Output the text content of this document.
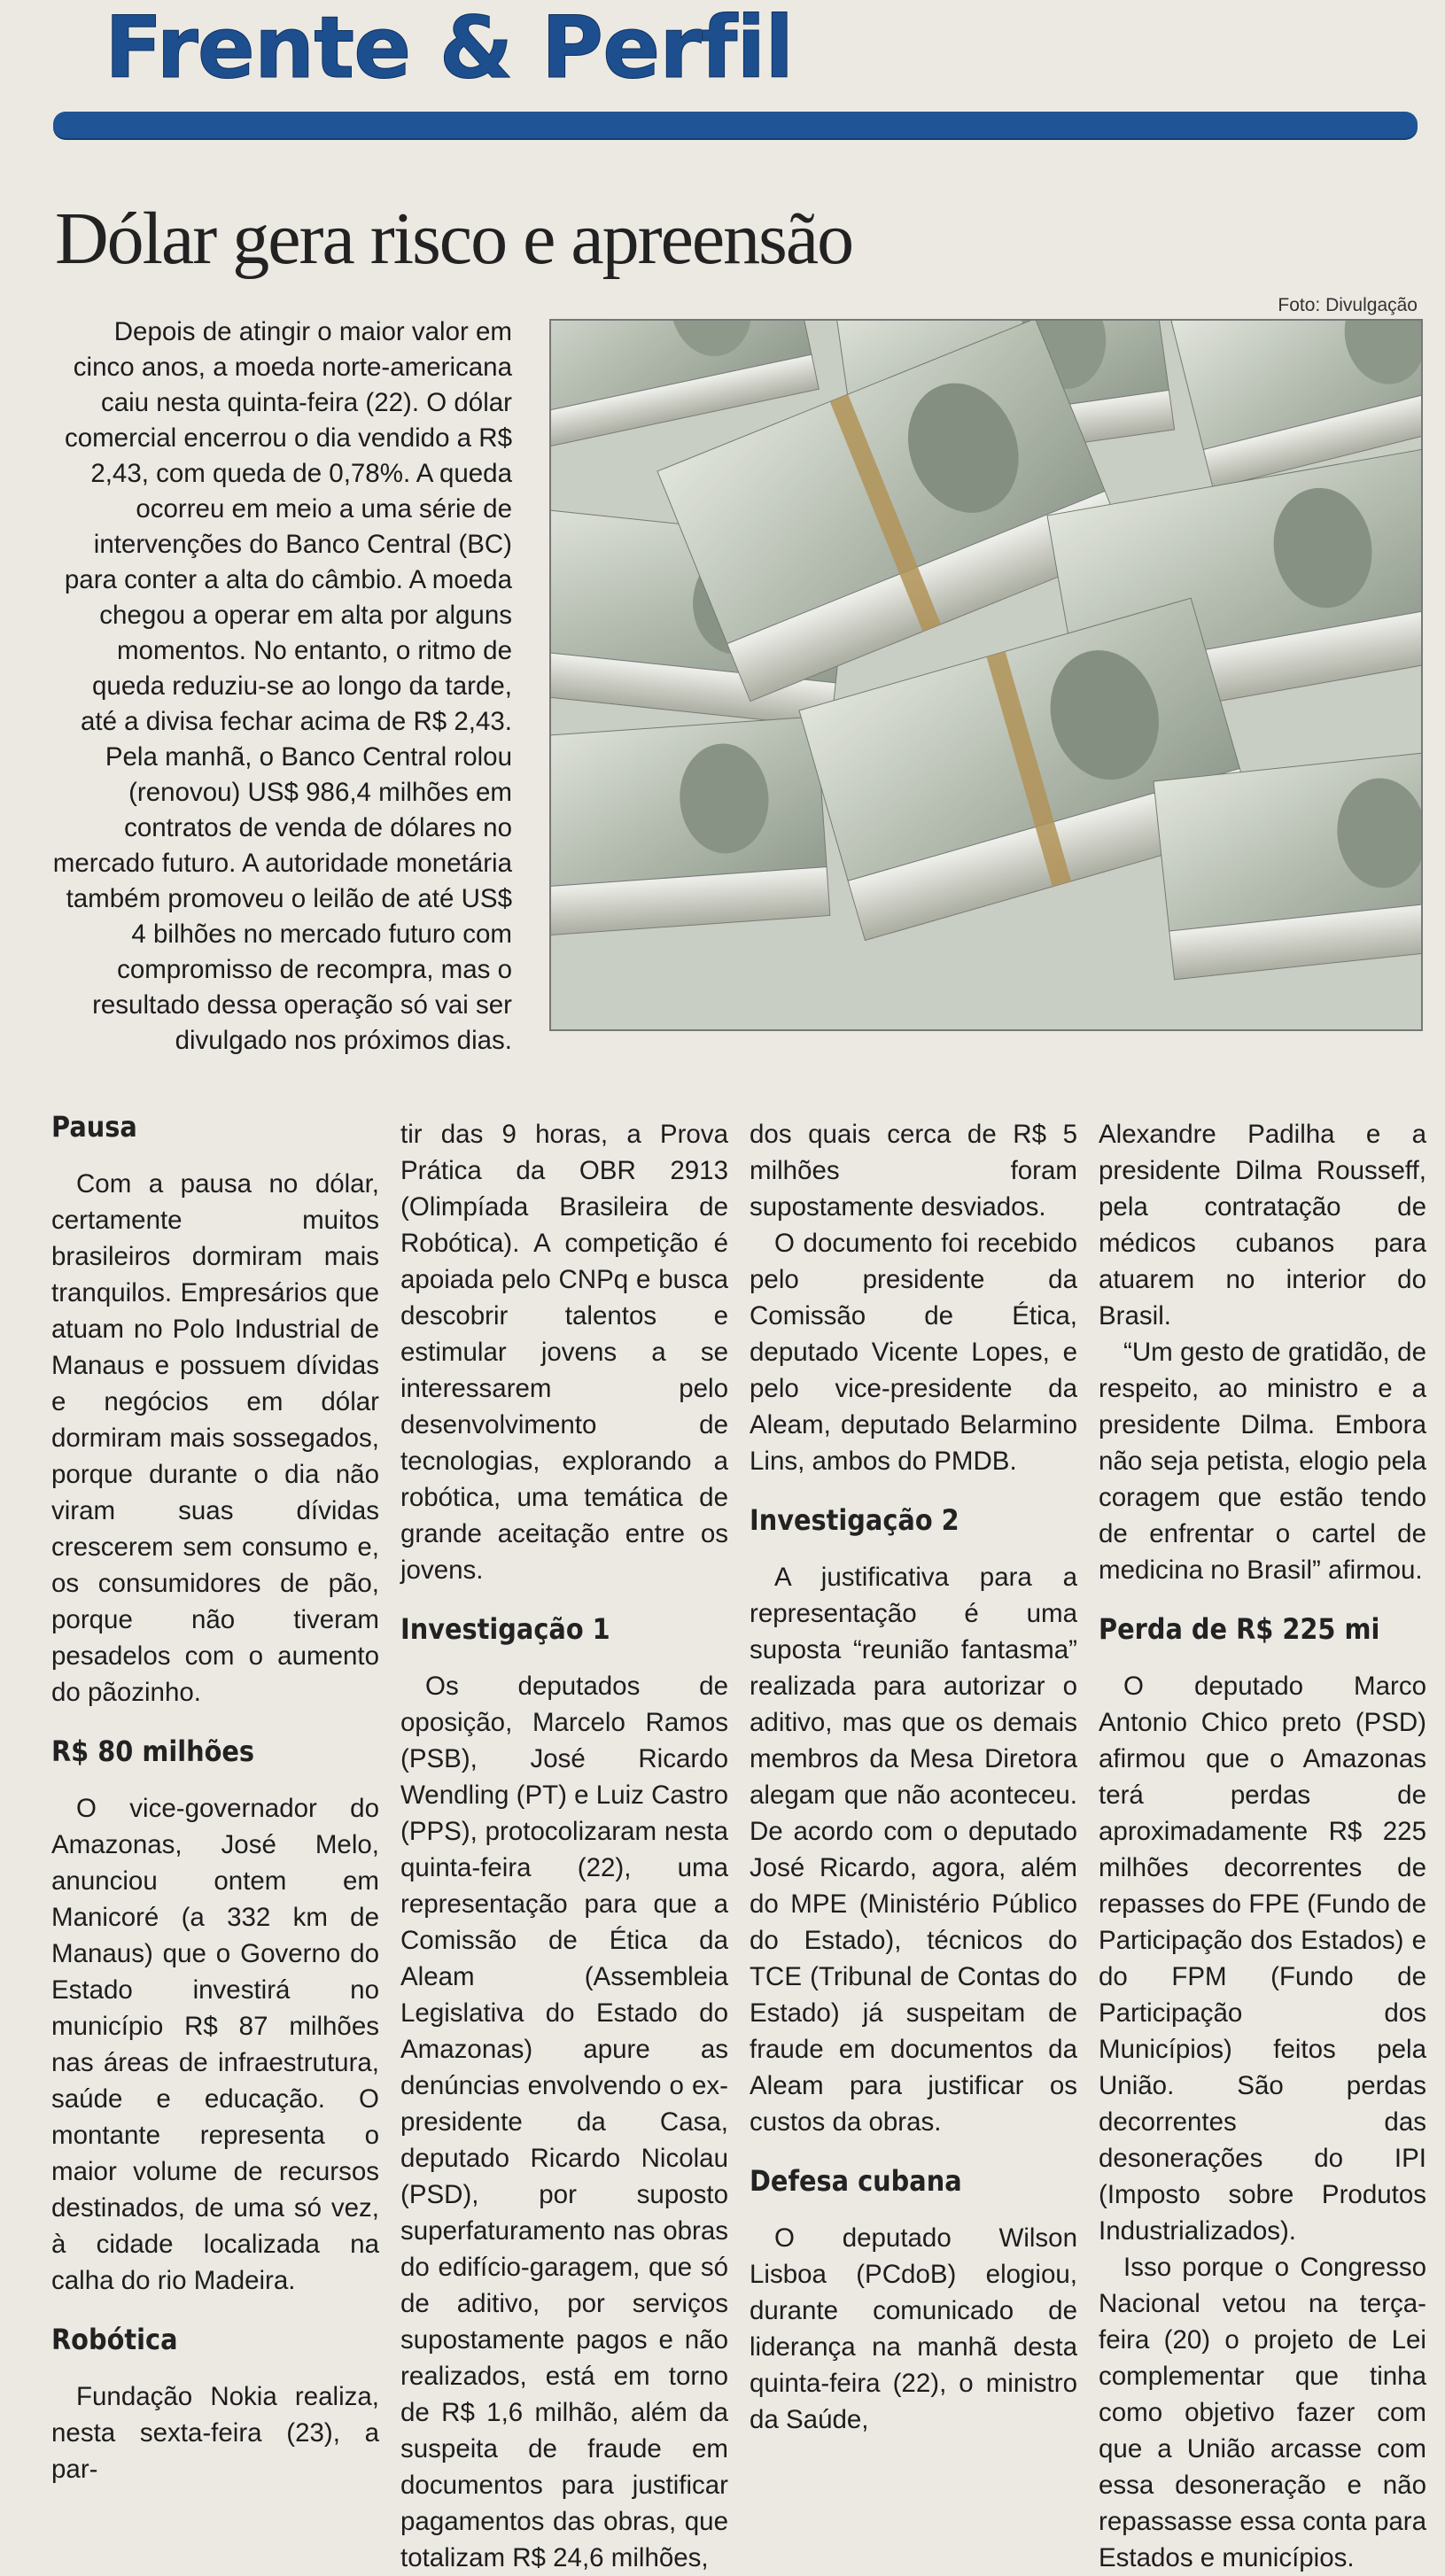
Frente & Perfil
Dólar gera risco e apreensão
Foto: Divulgação
Depois de atingir o maior valor em cinco anos, a moeda norte-americana caiu nesta quinta-feira (22). O dólar comercial encerrou o dia vendido a R$ 2,43, com queda de 0,78%. A queda ocorreu em meio a uma série de intervenções do Banco Central (BC) para conter a alta do câmbio. A moeda chegou a operar em alta por alguns momentos. No entanto, o ritmo de queda reduziu-se ao longo da tarde, até a divisa fechar acima de R$ 2,43. Pela manhã, o Banco Central rolou (renovou) US$ 986,4 milhões em contratos de venda de dólares no mercado futuro. A autoridade monetária também promoveu o leilão de até US$ 4 bilhões no mercado futuro com compromisso de recompra, mas o resultado dessa operação só vai ser divulgado nos próximos dias.
Pausa

Com a pausa no dólar, certamente muitos brasileiros dormiram mais tranquilos. Empresários que atuam no Polo Industrial de Manaus e possuem dívidas e negócios em dólar dormiram mais sossegados, porque durante o dia não viram suas dívidas crescerem sem consumo e, os consumidores de pão, porque não tiveram pesadelos com o aumento do pãozinho.

R$ 80 milhões

O vice-governador do Amazonas, José Melo, anunciou ontem em Manicoré (a 332 km de Manaus) que o Governo do Estado investirá no município R$ 87 milhões nas áreas de infraestrutura, saúde e educação. O montante representa o maior volume de recursos destinados, de uma só vez, à cidade localizada na calha do rio Madeira.

Robótica

Fundação Nokia realiza, nesta sexta-feira (23), a par-

tir das 9 horas, a Prova Prática da OBR 2913 (Olimpíada Brasileira de Robótica). A competição é apoiada pelo CNPq e busca descobrir talentos e estimular jovens a se interessarem pelo desenvolvimento de tecnologias, explorando a robótica, uma temática de grande aceitação entre os jovens.

Investigação 1

Os deputados de oposição, Marcelo Ramos (PSB), José Ricardo Wendling (PT) e Luiz Castro (PPS), protocolizaram nesta quinta-feira (22), uma representação para que a Comissão de Ética da Aleam (Assembleia Legislativa do Estado do Amazonas) apure as denúncias envolvendo o ex-presidente da Casa, deputado Ricardo Nicolau (PSD), por suposto superfaturamento nas obras do edifício-garagem, que só de aditivo, por serviços supostamente pagos e não realizados, está em torno de R$ 1,6 milhão, além da suspeita de fraude em documentos para justificar pagamentos das obras, que totalizam R$ 24,6 milhões,

dos quais cerca de R$ 5 milhões foram supostamente desviados.

O documento foi recebido pelo presidente da Comissão de Ética, deputado Vicente Lopes, e pelo vice-presidente da Aleam, deputado Belarmino Lins, ambos do PMDB.

Investigação 2

A justificativa para a representação é uma suposta “reunião fantasma” realizada para autorizar o aditivo, mas que os demais membros da Mesa Diretora alegam que não aconteceu. De acordo com o deputado José Ricardo, agora, além do MPE (Ministério Público do Estado), técnicos do TCE (Tribunal de Contas do Estado) já suspeitam de fraude em documentos da Aleam para justificar os custos da obras.

Defesa cubana

O deputado Wilson Lisboa (PCdoB) elogiou, durante comunicado de liderança na manhã desta quinta-feira (22), o ministro da Saúde,

Alexandre Padilha e a presidente Dilma Rousseff, pela contratação de médicos cubanos para atuarem no interior do Brasil.

“Um gesto de gratidão, de respeito, ao ministro e a presidente Dilma. Embora não seja petista, elogio pela coragem que estão tendo de enfrentar o cartel de medicina no Brasil” afirmou.

Perda de R$ 225 mi

O deputado Marco Antonio Chico preto (PSD) afirmou que o Amazonas terá perdas de aproximadamente R$ 225 milhões decorrentes de repasses do FPE (Fundo de Participação dos Estados) e do FPM (Fundo de Participação dos Municípios) feitos pela União. São perdas decorrentes das desonerações do IPI (Imposto sobre Produtos Industrializados).

Isso porque o Congresso Nacional vetou na terça-feira (20) o projeto de Lei complementar que tinha como objetivo fazer com que a União arcasse com essa desoneração e não repassasse essa conta para Estados e municípios.
